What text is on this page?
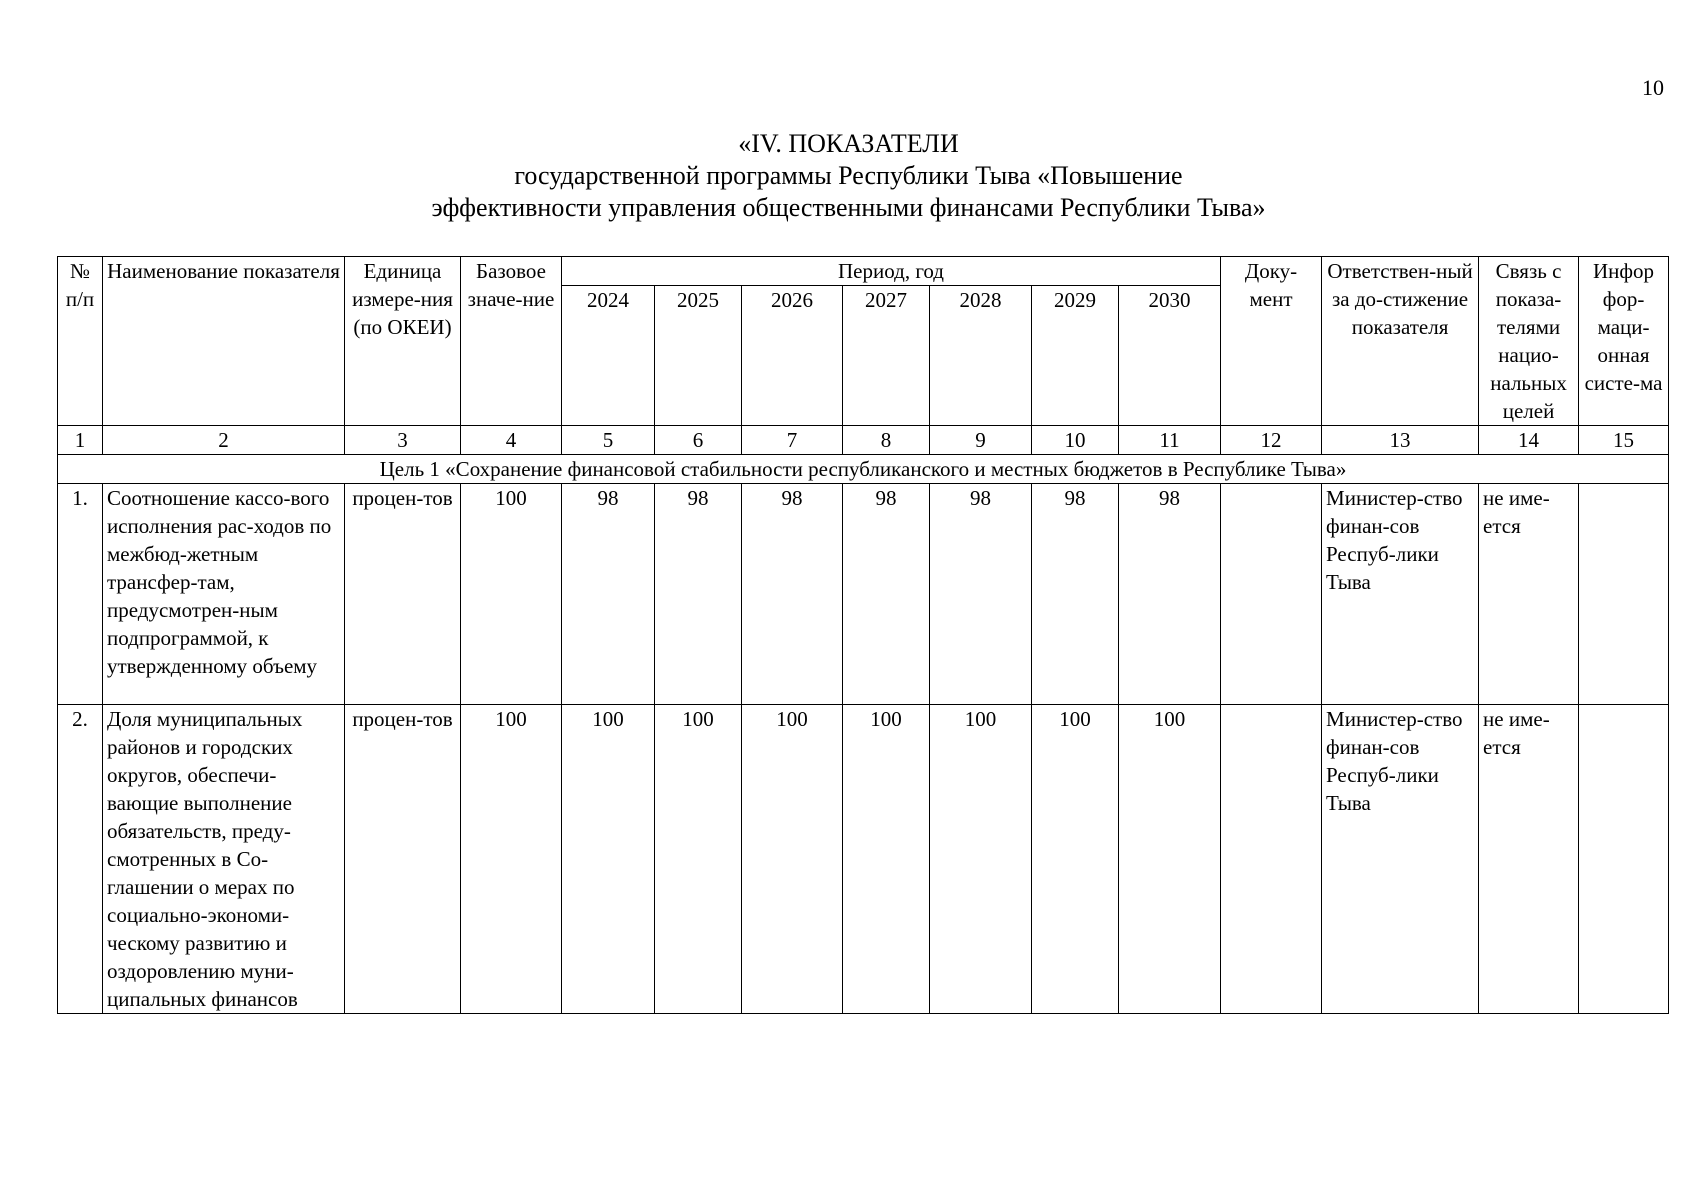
10
«IV. ПОКАЗАТЕЛИ
государственной программы Республики Тыва «Повышение
эффективности управления общественными финансами Республики Тыва»
№ п/п	Наименование показателя	Единица измере-ния (по ОКЕИ)	Базовое значе-ние	Период, год							Доку-мент	Ответствен-ный за до-стижение показателя	Связь с показа-телями нацио-нальных целей	Инфор фор-маци-онная систе-ма
				2024	2025	2026	2027	2028	2029	2030				
1	2	3	4	5	6	7	8	9	10	11	12	13	14	15
Цель 1 «Сохранение финансовой стабильности республиканского и местных бюджетов в Республике Тыва»														
1.	Соотношение кассо-вого исполнения рас-ходов по межбюд-жетным трансфер-там, предусмотрен-ным подпрограммой, к утвержденному объему	процен-тов	100	98	98	98	98	98	98	98		Министер-ство финан-сов Респуб-лики Тыва	не име-ется	
2.	Доля муниципальных районов и городских округов, обеспечи-вающие выполнение обязательств, преду-смотренных в Со-глашении о мерах по социально-экономи-ческому развитию и оздоровлению муни-ципальных финансов	процен-тов	100	100	100	100	100	100	100	100		Министер-ство финан-сов Респуб-лики Тыва	не име-ется	
